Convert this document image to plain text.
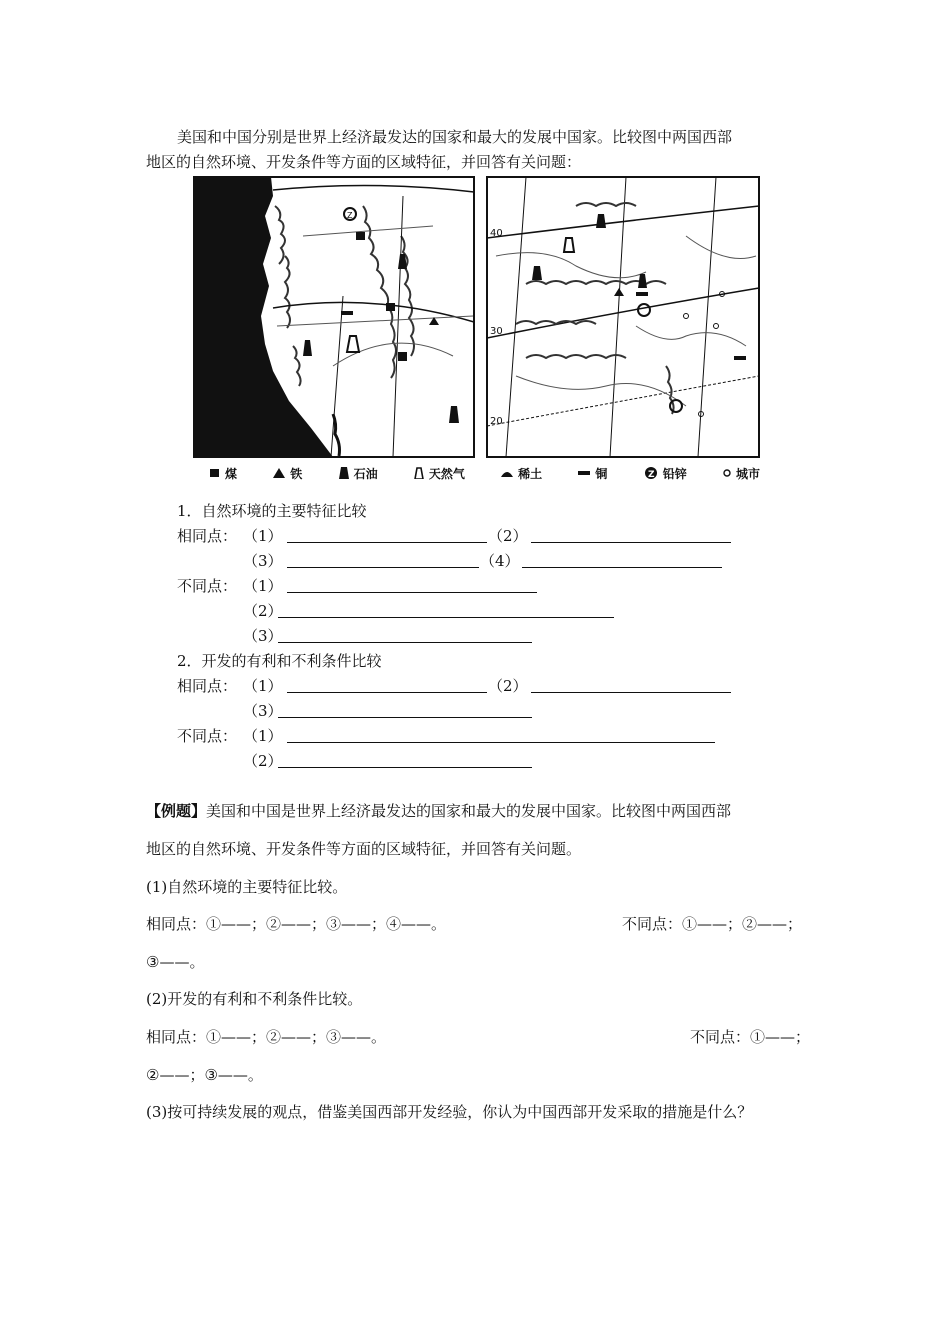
美国和中国分别是世界上经济最发达的国家和最大的发展中国家。比较图中两国西部
地区的自然环境、开发条件等方面的区域特征，并回答有关问题：
Z
40
30
20
煤	铁	石油	天然气	稀土	铜	Z 铅锌	城市
1．自然环境的主要特征比较
相同点： （1）	（2）
（3）	（4）
不同点： （1）
（2）
（3）
2．开发的有利和不利条件比较
相同点： （1）	（2）
（3）
不同点： （1）
（2）
【例题】美国和中国是世界上经济最发达的国家和最大的发展中国家。比较图中两国西部
地区的自然环境、开发条件等方面的区域特征，并回答有关问题。
(1)自然环境的主要特征比较。
相同点：①——；②——；③——；④——。	不同点：①——；②——；
③——。
(2)开发的有利和不利条件比较。
相同点：①——；②——；③——。	不同点：①——；
②——；③——。
(3)按可持续发展的观点，借鉴美国西部开发经验，你认为中国西部开发采取的措施是什么？
